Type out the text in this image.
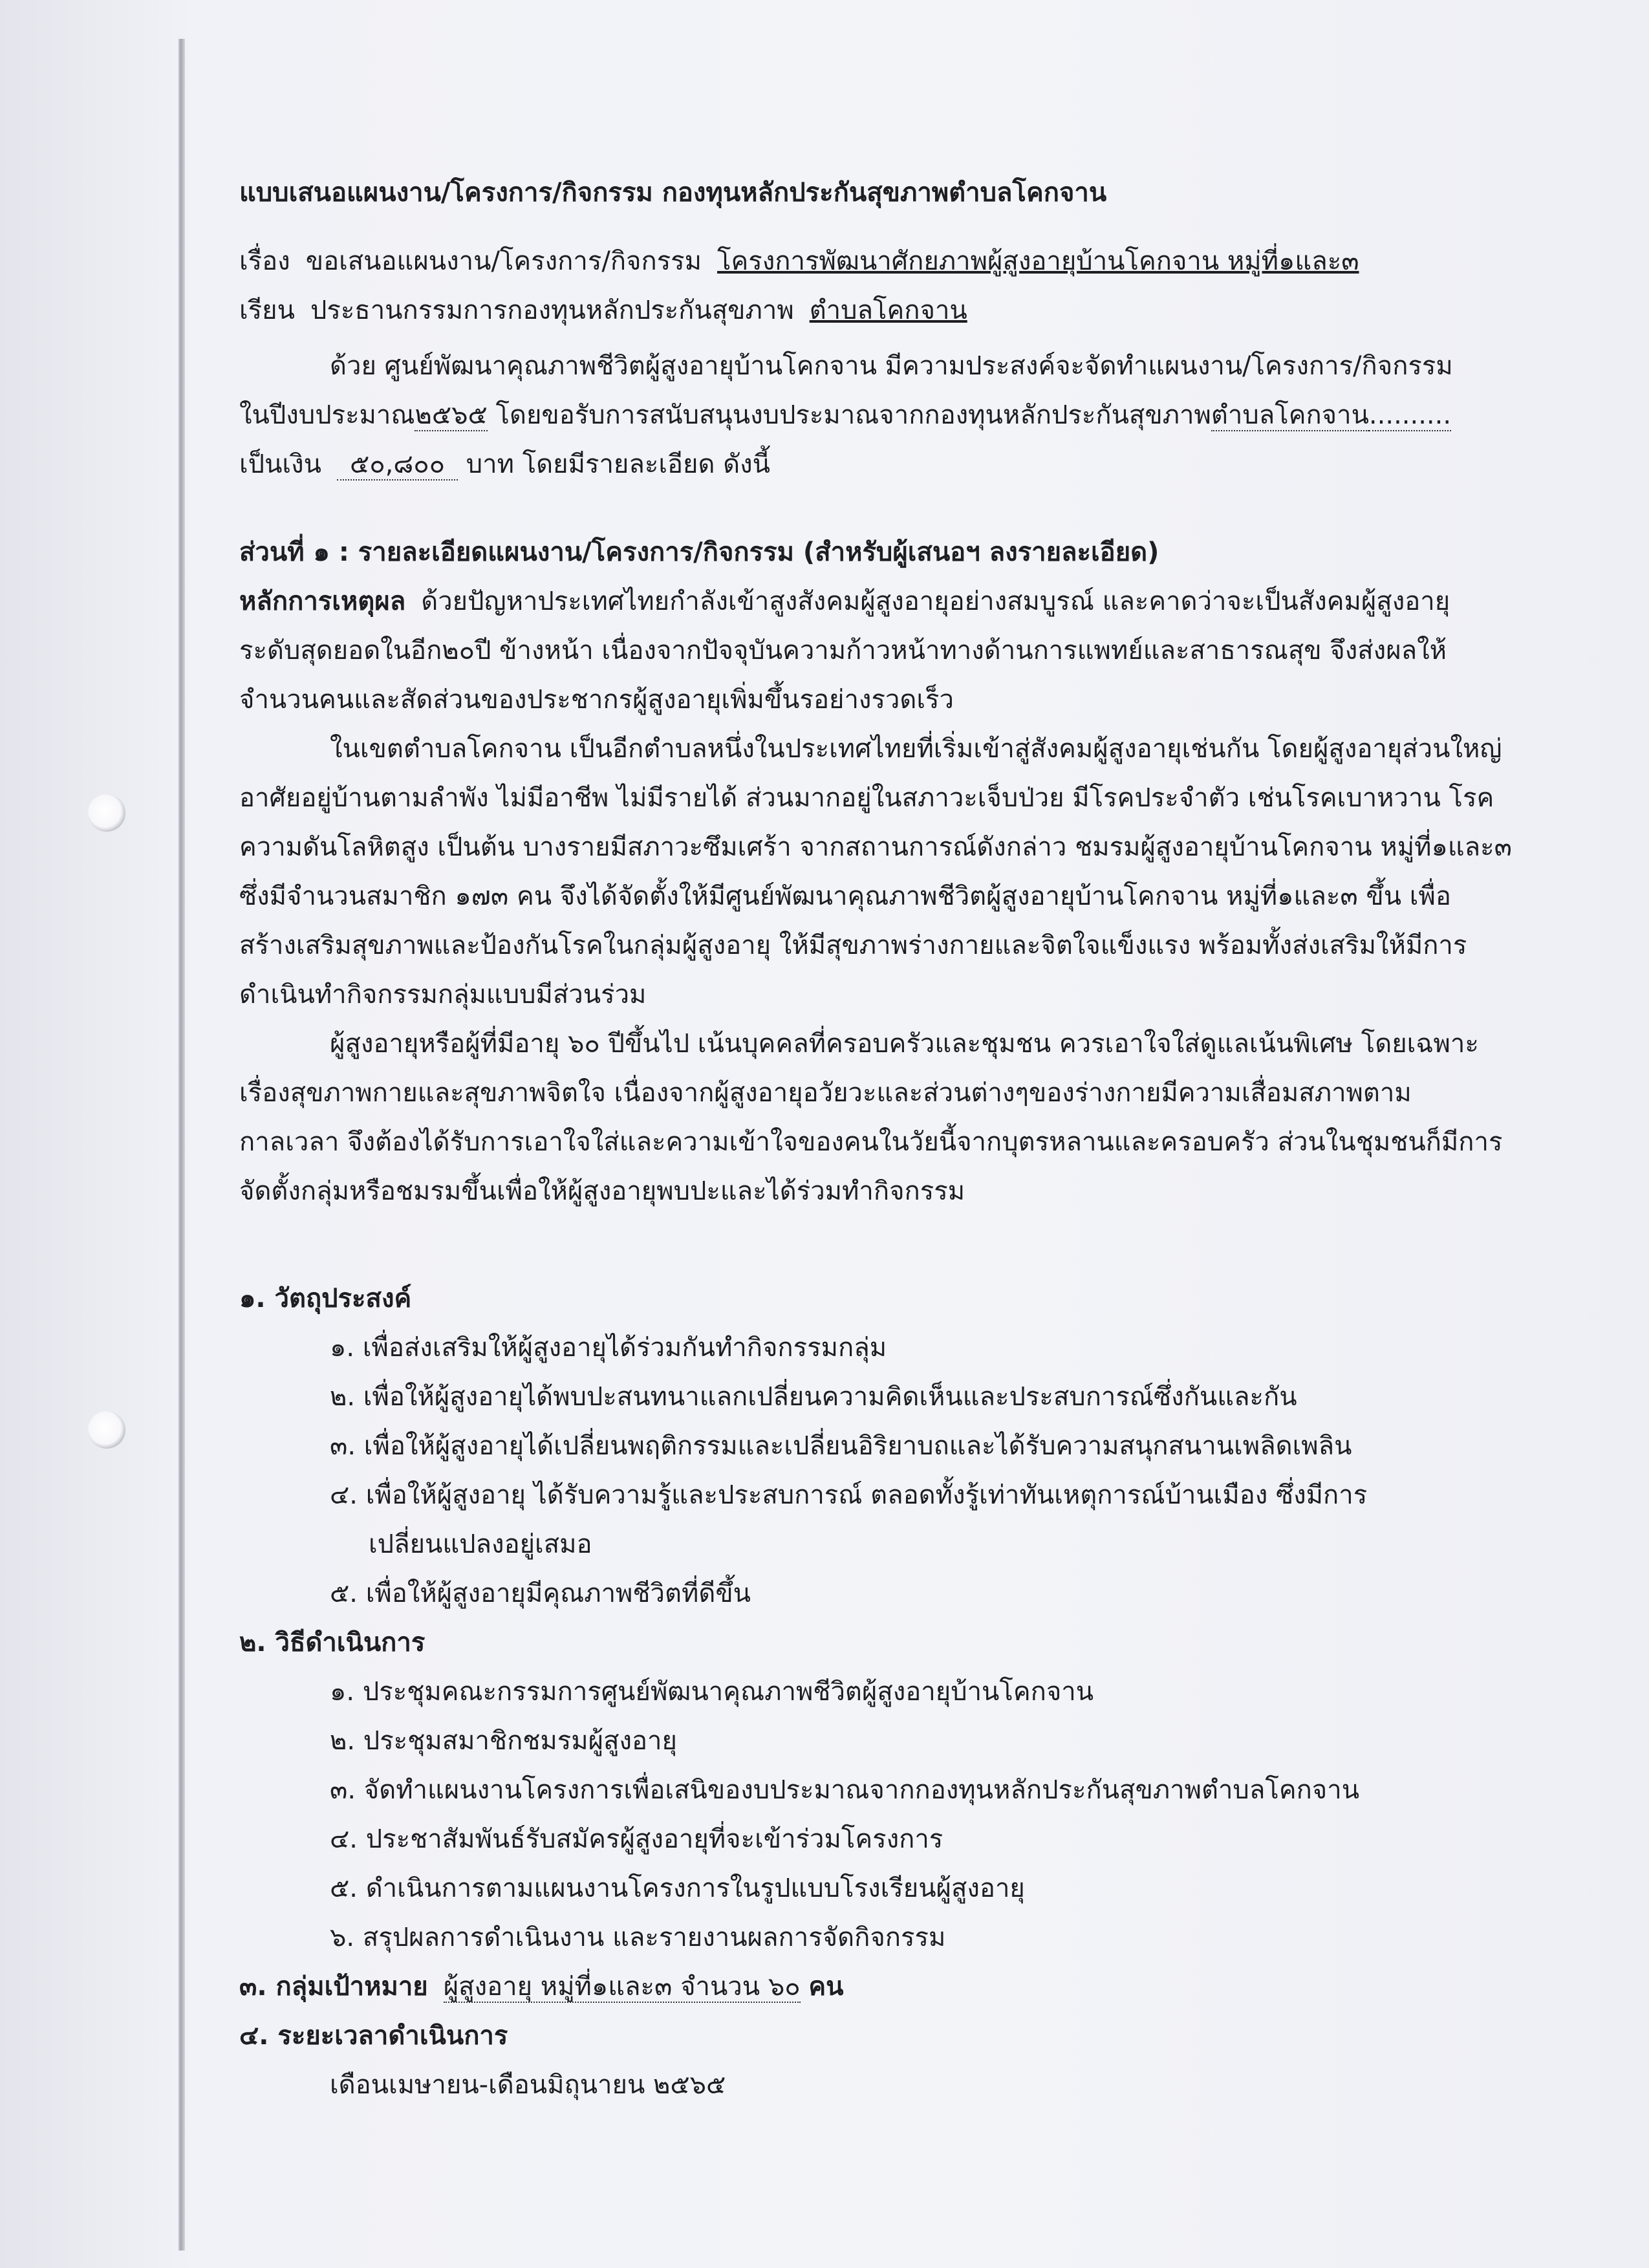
แบบเสนอแผนงาน/โครงการ/กิจกรรม กองทุนหลักประกันสุขภาพตำบลโคกจาน

เรื่อง ขอเสนอแผนงาน/โครงการ/กิจกรรม โครงการพัฒนาศักยภาพผู้สูงอายุบ้านโคกจาน หมู่ที่๑และ๓

เรียน ประธานกรรมการกองทุนหลักประกันสุขภาพ ตำบลโคกจาน

ด้วย ศูนย์พัฒนาคุณภาพชีวิตผู้สูงอายุบ้านโคกจาน มีความประสงค์จะจัดทำแผนงาน/โครงการ/กิจกรรม

ในปีงบประมาณ๒๕๖๕ โดยขอรับการสนับสนุนงบประมาณจากกองทุนหลักประกันสุขภาพตำบลโคกจาน..........

เป็นเงิน ๕๐,๘๐๐ บาท โดยมีรายละเอียด ดังนี้

ส่วนที่ ๑ : รายละเอียดแผนงาน/โครงการ/กิจกรรม (สำหรับผู้เสนอฯ ลงรายละเอียด)

หลักการเหตุผล ด้วยปัญหาประเทศไทยกำลังเข้าสูงสังคมผู้สูงอายุอย่างสมบูรณ์ และคาดว่าจะเป็นสังคมผู้สูงอายุ

ระดับสุดยอดในอีก๒๐ปี ข้างหน้า เนื่องจากปัจจุบันความก้าวหน้าทางด้านการแพทย์และสาธารณสุข จึงส่งผลให้

จำนวนคนและสัดส่วนของประชากรผู้สูงอายุเพิ่มขึ้นรอย่างรวดเร็ว

ในเขตตำบลโคกจาน เป็นอีกตำบลหนึ่งในประเทศไทยที่เริ่มเข้าสู่สังคมผู้สูงอายุเช่นกัน โดยผู้สูงอายุส่วนใหญ่

อาศัยอยู่บ้านตามลำพัง ไม่มีอาชีพ ไม่มีรายได้ ส่วนมากอยู่ในสภาวะเจ็บป่วย มีโรคประจำตัว เช่นโรคเบาหวาน โรค

ความดันโลหิตสูง เป็นต้น บางรายมีสภาวะซึมเศร้า จากสถานการณ์ดังกล่าว ชมรมผู้สูงอายุบ้านโคกจาน หมู่ที่๑และ๓

ซึ่งมีจำนวนสมาชิก ๑๗๓ คน จึงได้จัดตั้งให้มีศูนย์พัฒนาคุณภาพชีวิตผู้สูงอายุบ้านโคกจาน หมู่ที่๑และ๓ ขึ้น เพื่อ

สร้างเสริมสุขภาพและป้องกันโรคในกลุ่มผู้สูงอายุ ให้มีสุขภาพร่างกายและจิตใจแข็งแรง พร้อมทั้งส่งเสริมให้มีการ

ดำเนินทำกิจกรรมกลุ่มแบบมีส่วนร่วม

ผู้สูงอายุหรือผู้ที่มีอายุ ๖๐ ปีขึ้นไป เน้นบุคคลที่ครอบครัวและชุมชน ควรเอาใจใส่ดูแลเน้นพิเศษ โดยเฉพาะ

เรื่องสุขภาพกายและสุขภาพจิตใจ เนื่องจากผู้สูงอายุอวัยวะและส่วนต่างๆของร่างกายมีความเสื่อมสภาพตาม

กาลเวลา จึงต้องได้รับการเอาใจใส่และความเข้าใจของคนในวัยนี้จากบุตรหลานและครอบครัว ส่วนในชุมชนก็มีการ

จัดตั้งกลุ่มหรือชมรมขึ้นเพื่อให้ผู้สูงอายุพบปะและได้ร่วมทำกิจกรรม

๑. วัตถุประสงค์

๑. เพื่อส่งเสริมให้ผู้สูงอายุได้ร่วมกันทำกิจกรรมกลุ่ม

๒. เพื่อให้ผู้สูงอายุได้พบปะสนทนาแลกเปลี่ยนความคิดเห็นและประสบการณ์ซึ่งกันและกัน

๓. เพื่อให้ผู้สูงอายุได้เปลี่ยนพฤติกรรมและเปลี่ยนอิริยาบถและได้รับความสนุกสนานเพลิดเพลิน

๔. เพื่อให้ผู้สูงอายุ ได้รับความรู้และประสบการณ์ ตลอดทั้งรู้เท่าทันเหตุการณ์บ้านเมือง ซึ่งมีการ

เปลี่ยนแปลงอยู่เสมอ

๕. เพื่อให้ผู้สูงอายุมีคุณภาพชีวิตที่ดีขึ้น

๒. วิธีดำเนินการ

๑. ประชุมคณะกรรมการศูนย์พัฒนาคุณภาพชีวิตผู้สูงอายุบ้านโคกจาน

๒. ประชุมสมาชิกชมรมผู้สูงอายุ

๓. จัดทำแผนงานโครงการเพื่อเสนิของบประมาณจากกองทุนหลักประกันสุขภาพตำบลโคกจาน

๔. ประชาสัมพันธ์รับสมัครผู้สูงอายุที่จะเข้าร่วมโครงการ

๕. ดำเนินการตามแผนงานโครงการในรูปแบบโรงเรียนผู้สูงอายุ

๖. สรุปผลการดำเนินงาน และรายงานผลการจัดกิจกรรม

๓. กลุ่มเป้าหมาย ผู้สูงอายุ หมู่ที่๑และ๓ จำนวน ๖๐ คน

๔. ระยะเวลาดำเนินการ

เดือนเมษายน-เดือนมิถุนายน ๒๕๖๕
